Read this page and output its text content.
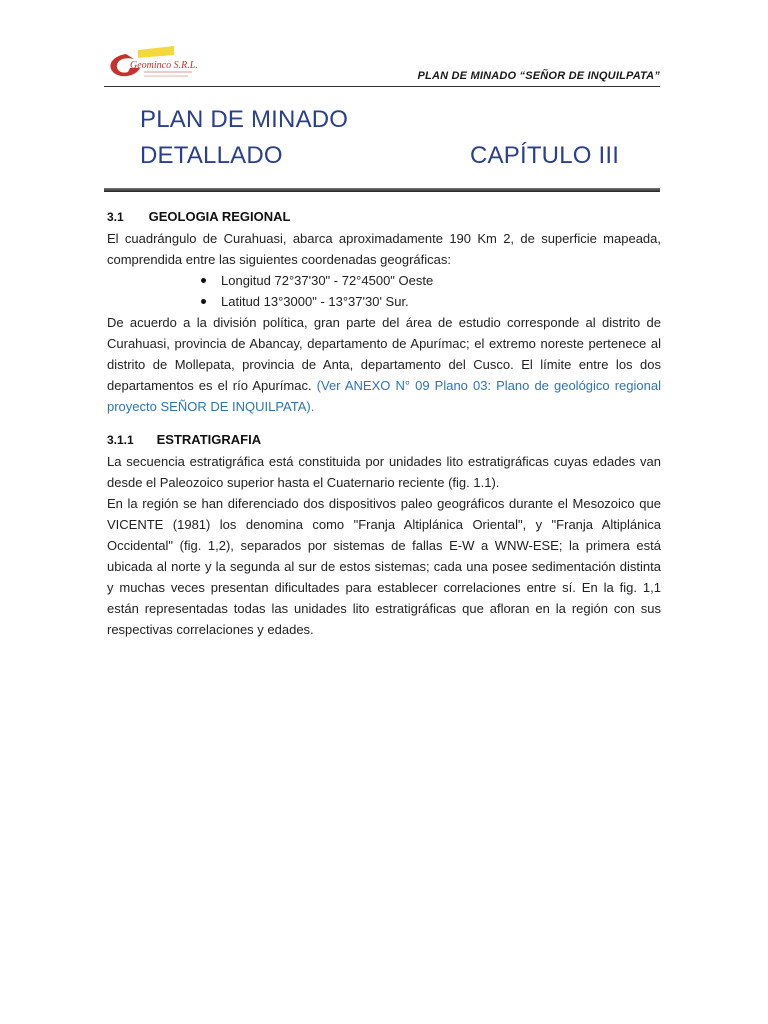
Geominco S.R.L.
PLAN DE MINADO “SEÑOR DE INQUILPATA”
PLAN DE MINADO
DETALLADO	CAPÍTULO III
3.1 GEOLOGIA REGIONAL

El cuadrángulo de Curahuasi, abarca aproximadamente 190 Km 2, de superficie mapeada, comprendida entre las siguientes coordenadas geográficas:

Longitud 72°37'30" - 72°4500" Oeste
Latitud 13°3000" - 13°37'30' Sur.

De acuerdo a la división política, gran parte del área de estudio corresponde al distrito de Curahuasi, provincia de Abancay, departamento de Apurímac; el extremo noreste pertenece al distrito de Mollepata, provincia de Anta, departamento del Cusco. El límite entre los dos departamentos es el río Apurímac. (Ver ANEXO N° 09 Plano 03: Plano de geológico regional proyecto SEÑOR DE INQUILPATA).

3.1.1 ESTRATIGRAFIA

La secuencia estratigráfica está constituida por unidades lito estratigráficas cuyas edades van desde el Paleozoico superior hasta el Cuaternario reciente (fig. 1.1).

En la región se han diferenciado dos dispositivos paleo geográficos durante el Mesozoico que VICENTE (1981) los denomina como "Franja Altiplánica Oriental", y "Franja Altiplánica Occidental" (fig. 1,2), separados por sistemas de fallas E-W a WNW-ESE; la primera está ubicada al norte y la segunda al sur de estos sistemas; cada una posee sedimentación distinta y muchas veces presentan dificultades para establecer correlaciones entre sí. En la fig. 1,1 están representadas todas las unidades lito estratigráficas que afloran en la región con sus respectivas correlaciones y edades.
